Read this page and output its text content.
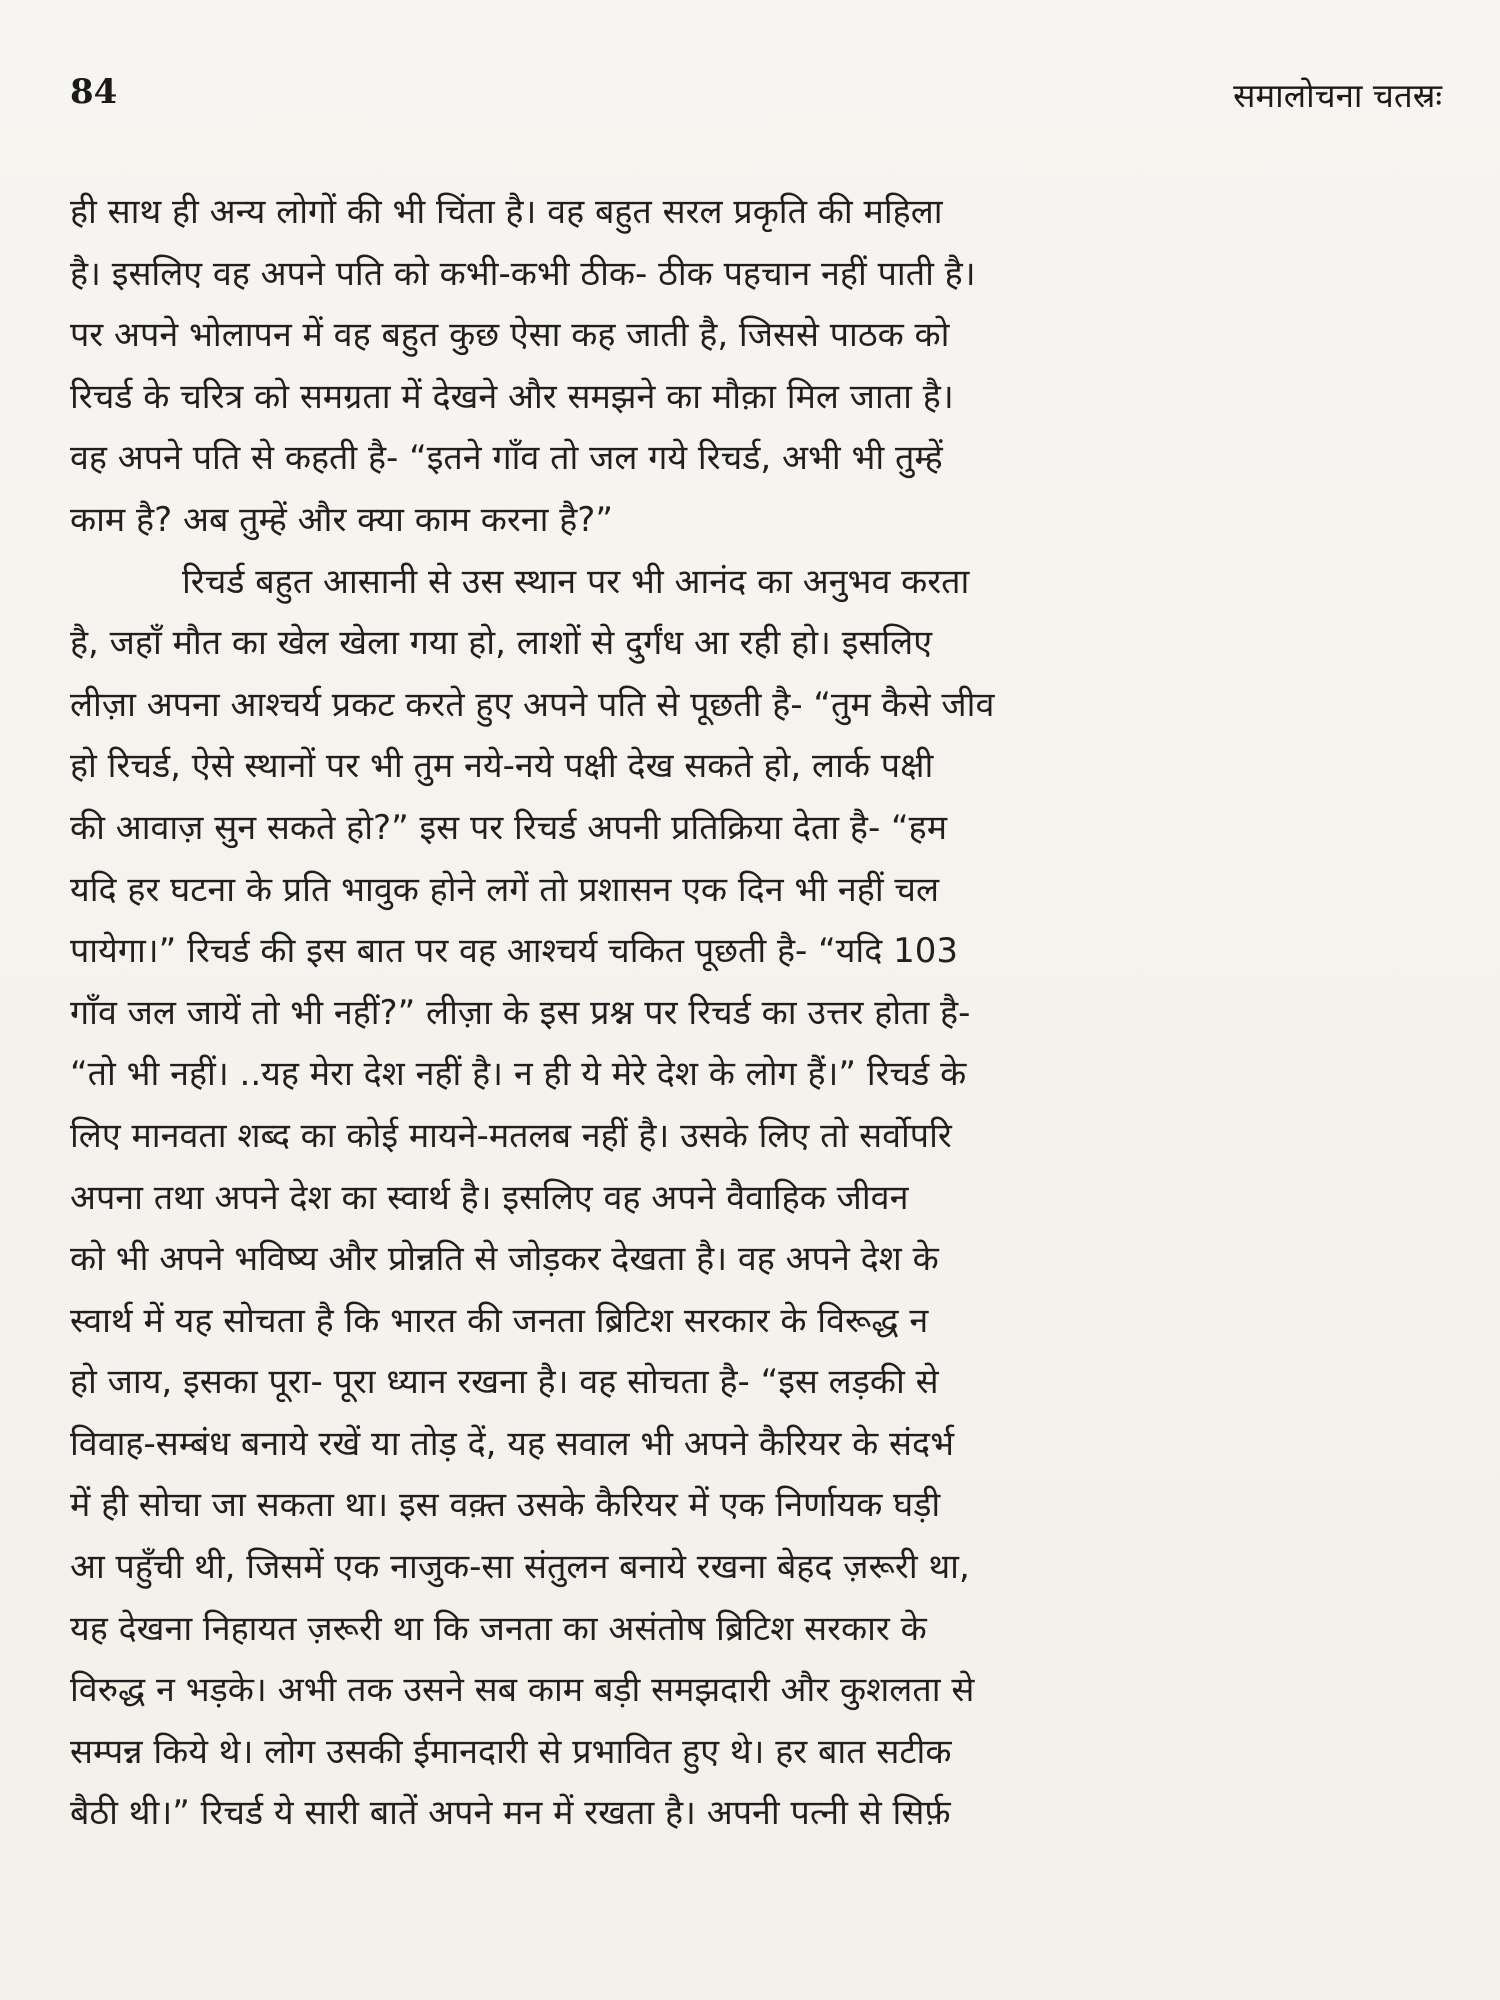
84	समालोचना चतस्रः
ही साथ ही अन्य लोगों की भी चिंता है। वह बहुत सरल प्रकृति की महिला
है। इसलिए वह अपने पति को कभी-कभी ठीक- ठीक पहचान नहीं पाती है।
पर अपने भोलापन में वह बहुत कुछ ऐसा कह जाती है, जिससे पाठक को
रिचर्ड के चरित्र को समग्रता में देखने और समझने का मौक़ा मिल जाता है।
वह अपने पति से कहती है- “इतने गाँव तो जल गये रिचर्ड, अभी भी तुम्हें
काम है? अब तुम्हें और क्या काम करना है?”
रिचर्ड बहुत आसानी से उस स्थान पर भी आनंद का अनुभव करता
है, जहाँ मौत का खेल खेला गया हो, लाशों से दुर्गंध आ रही हो। इसलिए
लीज़ा अपना आश्चर्य प्रकट करते हुए अपने पति से पूछती है- “तुम कैसे जीव
हो रिचर्ड, ऐसे स्थानों पर भी तुम नये-नये पक्षी देख सकते हो, लार्क पक्षी
की आवाज़ सुन सकते हो?” इस पर रिचर्ड अपनी प्रतिक्रिया देता है- “हम
यदि हर घटना के प्रति भावुक होने लगें तो प्रशासन एक दिन भी नहीं चल
पायेगा।” रिचर्ड की इस बात पर वह आश्चर्य चकित पूछती है- “यदि 103
गाँव जल जायें तो भी नहीं?” लीज़ा के इस प्रश्न पर रिचर्ड का उत्तर होता है-
“तो भी नहीं। ..यह मेरा देश नहीं है। न ही ये मेरे देश के लोग हैं।” रिचर्ड के
लिए मानवता शब्द का कोई मायने-मतलब नहीं है। उसके लिए तो सर्वोपरि
अपना तथा अपने देश का स्वार्थ है। इसलिए वह अपने वैवाहिक जीवन
को भी अपने भविष्य और प्रोन्नति से जोड़कर देखता है। वह अपने देश के
स्वार्थ में यह सोचता है कि भारत की जनता ब्रिटिश सरकार के विरूद्ध न
हो जाय, इसका पूरा- पूरा ध्यान रखना है। वह सोचता है- “इस लड़की से
विवाह-सम्बंध बनाये रखें या तोड़ दें, यह सवाल भी अपने कैरियर के संदर्भ
में ही सोचा जा सकता था। इस वक़्त उसके कैरियर में एक निर्णायक घड़ी
आ पहुँची थी, जिसमें एक नाजुक-सा संतुलन बनाये रखना बेहद ज़रूरी था,
यह देखना निहायत ज़रूरी था कि जनता का असंतोष ब्रिटिश सरकार के
विरुद्ध न भड़के। अभी तक उसने सब काम बड़ी समझदारी और कुशलता से
सम्पन्न किये थे। लोग उसकी ईमानदारी से प्रभावित हुए थे। हर बात सटीक
बैठी थी।” रिचर्ड ये सारी बातें अपने मन में रखता है। अपनी पत्नी से सिर्फ़
